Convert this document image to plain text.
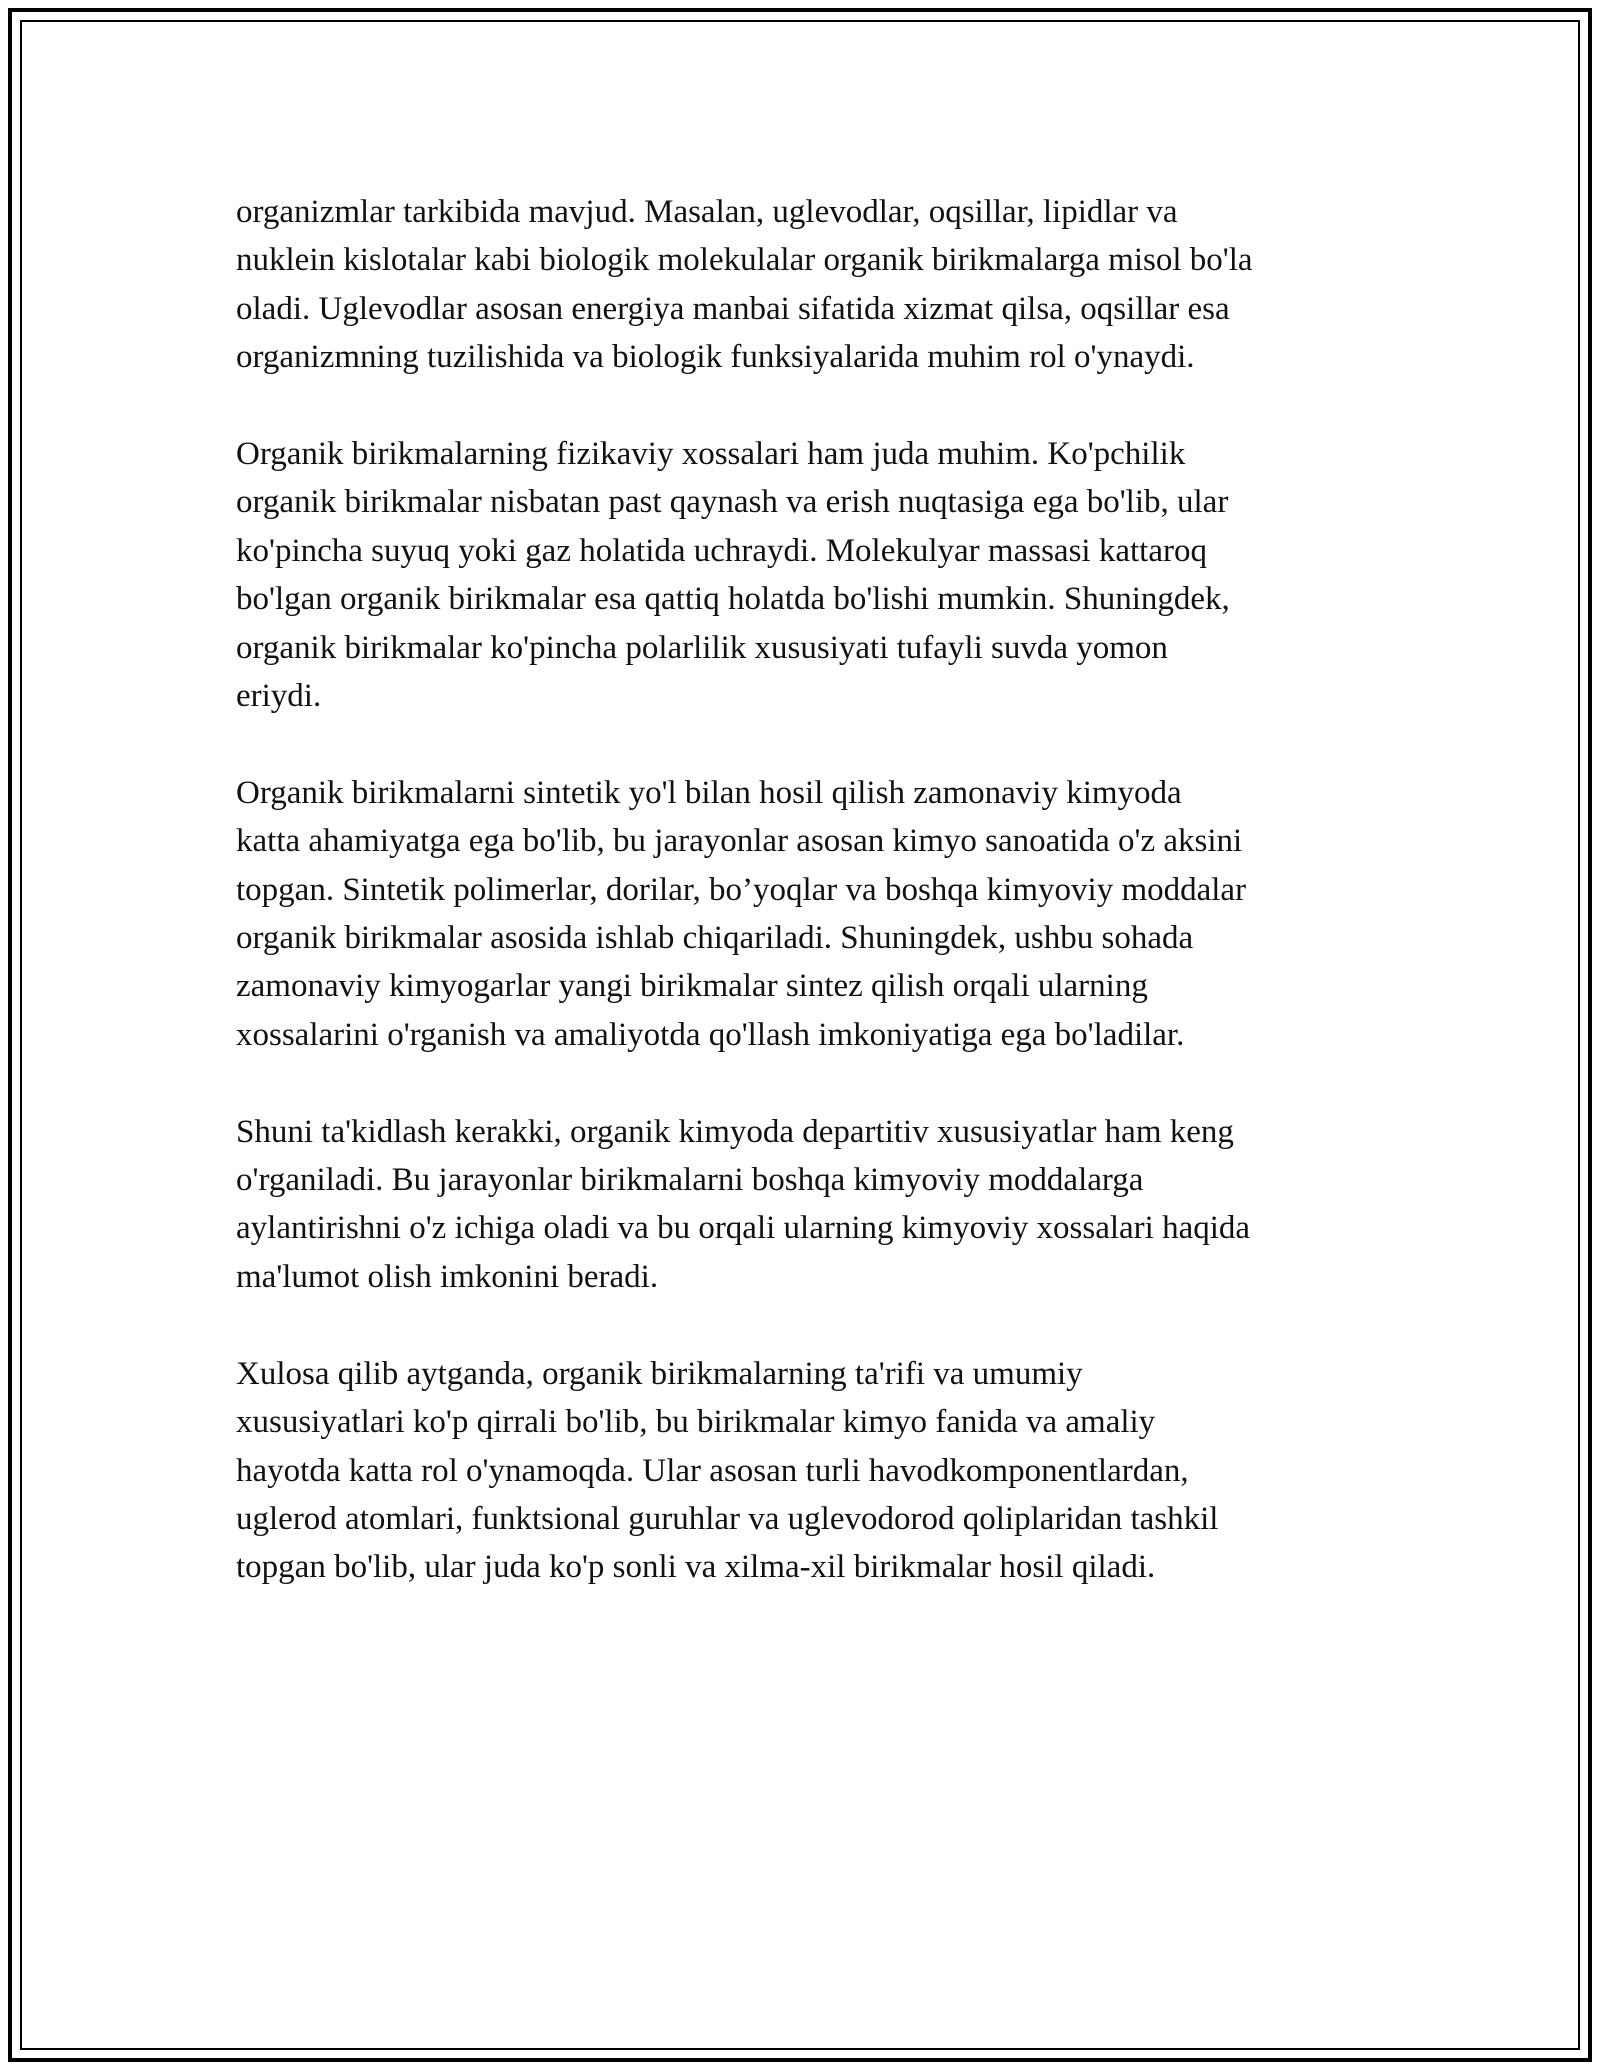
organizmlar tarkibida mavjud. Masalan, uglevodlar, oqsillar, lipidlar va
nuklein kislotalar kabi biologik molekulalar organik birikmalarga misol bo'la
oladi. Uglevodlar asosan energiya manbai sifatida xizmat qilsa, oqsillar esa
organizmning tuzilishida va biologik funksiyalarida muhim rol o'ynaydi.

Organik birikmalarning fizikaviy xossalari ham juda muhim. Ko'pchilik
organik birikmalar nisbatan past qaynash va erish nuqtasiga ega bo'lib, ular
ko'pincha suyuq yoki gaz holatida uchraydi. Molekulyar massasi kattaroq
bo'lgan organik birikmalar esa qattiq holatda bo'lishi mumkin. Shuningdek,
organik birikmalar ko'pincha polarlilik xususiyati tufayli suvda yomon
eriydi.

Organik birikmalarni sintetik yo'l bilan hosil qilish zamonaviy kimyoda
katta ahamiyatga ega bo'lib, bu jarayonlar asosan kimyo sanoatida o'z aksini
topgan. Sintetik polimerlar, dorilar, bo’yoqlar va boshqa kimyoviy moddalar
organik birikmalar asosida ishlab chiqariladi. Shuningdek, ushbu sohada
zamonaviy kimyogarlar yangi birikmalar sintez qilish orqali ularning
xossalarini o'rganish va amaliyotda qo'llash imkoniyatiga ega bo'ladilar.

Shuni ta'kidlash kerakki, organik kimyoda departitiv xususiyatlar ham keng
o'rganiladi. Bu jarayonlar birikmalarni boshqa kimyoviy moddalarga
aylantirishni o'z ichiga oladi va bu orqali ularning kimyoviy xossalari haqida
ma'lumot olish imkonini beradi.

Xulosa qilib aytganda, organik birikmalarning ta'rifi va umumiy
xususiyatlari ko'p qirrali bo'lib, bu birikmalar kimyo fanida va amaliy
hayotda katta rol o'ynamoqda. Ular asosan turli havodkomponentlardan,
uglerod atomlari, funktsional guruhlar va uglevodorod qoliplaridan tashkil
topgan bo'lib, ular juda ko'p sonli va xilma-xil birikmalar hosil qiladi.
